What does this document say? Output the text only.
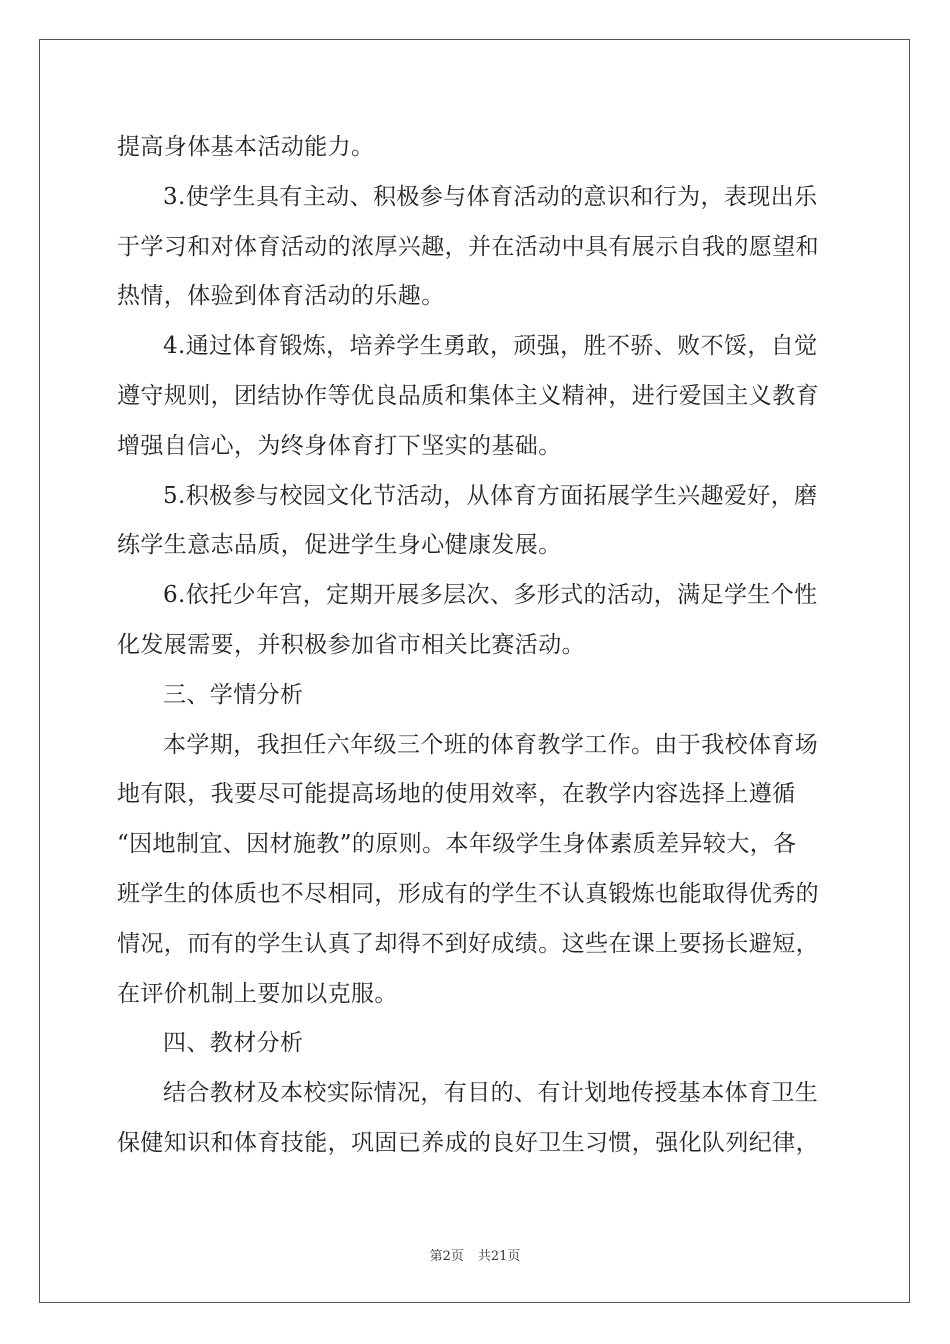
提高身体基本活动能力。
3.使学生具有主动、积极参与体育活动的意识和行为，表现出乐
于学习和对体育活动的浓厚兴趣，并在活动中具有展示自我的愿望和
热情，体验到体育活动的乐趣。
4.通过体育锻炼，培养学生勇敢，顽强，胜不骄、败不馁，自觉
遵守规则，团结协作等优良品质和集体主义精神，进行爱国主义教育
增强自信心，为终身体育打下坚实的基础。
5.积极参与校园文化节活动，从体育方面拓展学生兴趣爱好，磨
练学生意志品质，促进学生身心健康发展。
6.依托少年宫，定期开展多层次、多形式的活动，满足学生个性
化发展需要，并积极参加省市相关比赛活动。
三、学情分析
本学期，我担任六年级三个班的体育教学工作。由于我校体育场
地有限，我要尽可能提高场地的使用效率，在教学内容选择上遵循
“因地制宜、因材施教”的原则。本年级学生身体素质差异较大，各
班学生的体质也不尽相同，形成有的学生不认真锻炼也能取得优秀的
情况，而有的学生认真了却得不到好成绩。这些在课上要扬长避短，
在评价机制上要加以克服。
四、教材分析
结合教材及本校实际情况，有目的、有计划地传授基本体育卫生
保健知识和体育技能，巩固已养成的良好卫生习惯，强化队列纪律，
第2页 共21页
